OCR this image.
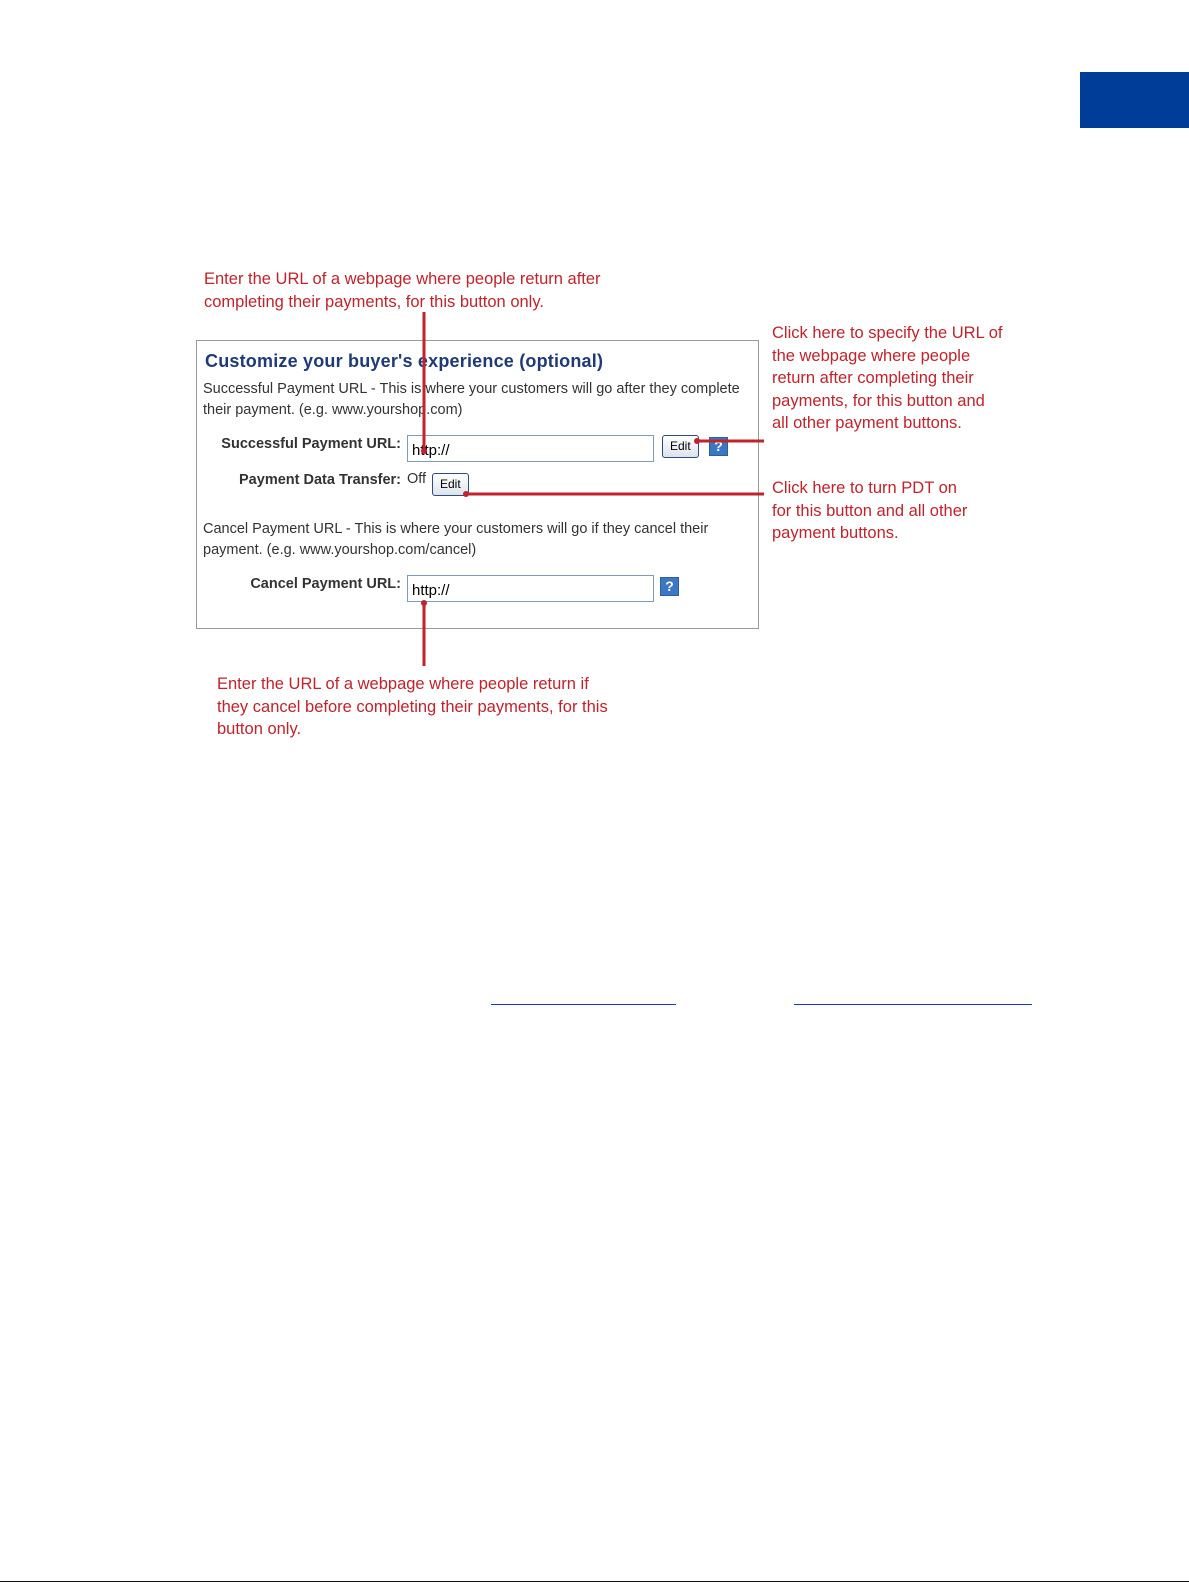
Customize your buyer's experience (optional)

Successful Payment URL - This is where your customers will go after they complete their payment. (e.g. www.yourshop.com)

Successful Payment URL:
http://	Edit	?
Payment Data Transfer: Off	Edit

Cancel Payment URL - This is where your customers will go if they cancel their payment. (e.g. www.yourshop.com/cancel)

Cancel Payment URL:
http://	?

Enter the URL of a webpage where people return after completing their payments, for this button only.

Click here to specify the URL of the webpage where people return after completing their payments, for this button and all other payment buttons.

Click here to turn PDT on for this button and all other payment buttons.

Enter the URL of a webpage where people return if they cancel before completing their payments, for this button only.
